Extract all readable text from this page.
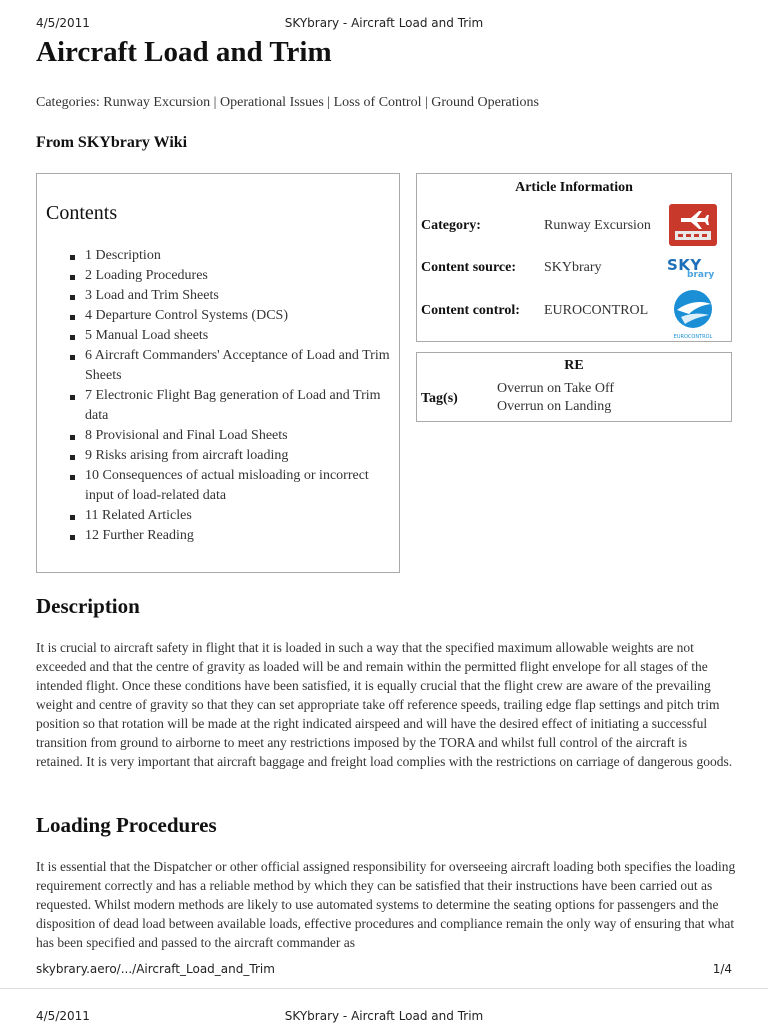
4/5/2011	SKYbrary - Aircraft Load and Trim
Aircraft Load and Trim
Categories: Runway Excursion | Operational Issues | Loss of Control | Ground Operations
From SKYbrary Wiki
Contents
1 Description
2 Loading Procedures
3 Load and Trim Sheets
4 Departure Control Systems (DCS)
5 Manual Load sheets
6 Aircraft Commanders' Acceptance of Load and Trim Sheets
7 Electronic Flight Bag generation of Load and Trim data
8 Provisional and Final Load Sheets
9 Risks arising from aircraft loading
10 Consequences of actual misloading or incorrect input of load-related data
11 Related Articles
12 Further Reading
Article Information
Category:	Runway Excursion
Content source: SKYbrary
Content control: EUROCONTROL
SKY
brary
EUROCONTROL
RE
Tag(s)
Overrun on Take Off
Overrun on Landing
Description

It is crucial to aircraft safety in flight that it is loaded in such a way that the specified maximum allowable weights are not exceeded and that the centre of gravity as loaded will be and remain within the permitted flight envelope for all stages of the intended flight. Once these conditions have been satisfied, it is equally crucial that the flight crew are aware of the prevailing weight and centre of gravity so that they can set appropriate take off reference speeds, trailing edge flap settings and pitch trim position so that rotation will be made at the right indicated airspeed and will have the desired effect of initiating a successful transition from ground to airborne to meet any restrictions imposed by the TORA and whilst full control of the aircraft is retained. It is very important that aircraft baggage and freight load complies with the restrictions on carriage of dangerous goods.

Loading Procedures

It is essential that the Dispatcher or other official assigned responsibility for overseeing aircraft loading both specifies the loading requirement correctly and has a reliable method by which they can be satisfied that their instructions have been carried out as requested. Whilst modern methods are likely to use automated systems to determine the seating options for passengers and the disposition of dead load between available loads, effective procedures and compliance remain the only way of ensuring that what has been specified and passed to the aircraft commander as

skybrary.aero/.../Aircraft_Load_and_Trim	1/4
4/5/2011	SKYbrary - Aircraft Load and Trim
